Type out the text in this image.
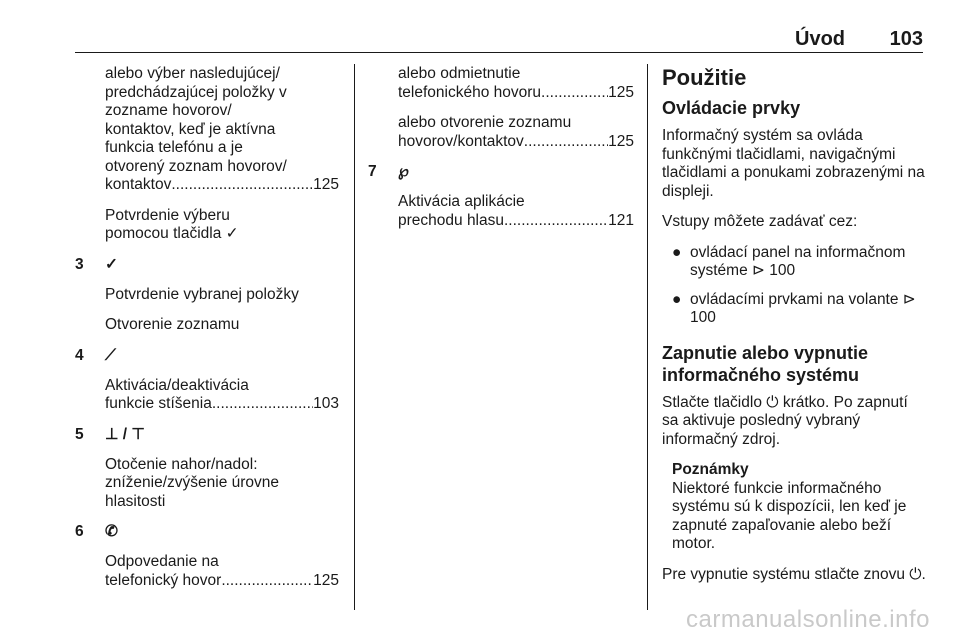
Úvod 103
alebo výber nasledujúcej/
predchádzajúcej položky v
zozname hovorov/
kontaktov, keď je aktívna
funkcia telefónu a je
otvorený zoznam hovorov/
kontaktov .....	125

Potvrdenie výberu
pomocou tlačidla ✓

3 ✓

Potvrdenie vybranej položky

Otvorenie zoznamu

4 ⟋
Aktivácia/deaktivácia
funkcie stíšenia .....	103
5 ⊥ / ⊤

Otočenie nahor/nadol:
zníženie/zvýšenie úrovne
hlasitosti

6 ✆
Odpovedanie na
telefonický hovor .....	125
alebo odmietnutie
telefonického hovoru .....	125
alebo otvorenie zoznamu
hovorov/kontaktov .....	125
7 ℘
Aktivácia aplikácie
prechodu hlasu .....	121
Použitie
Ovládacie prvky

Informačný systém sa ovláda funkčnými tlačidlami, navigačnými tlačidlami a ponukami zobrazenými na displeji.

Vstupy môžete zadávať cez:

● ovládací panel na informačnom systéme ⊳ 100
● ovládacími prvkami na volante ⊳ 100
Zapnutie alebo vypnutie informačného systému

Stlačte tlačidlo ⏻ krátko. Po zapnutí sa aktivuje posledný vybraný informačný zdroj.

Poznámky
Niektoré funkcie informačného systému sú k dispozícii, len keď je zapnuté zapaľovanie alebo beží motor.

Pre vypnutie systému stlačte znovu ⏻.

carmanualsonline.info
